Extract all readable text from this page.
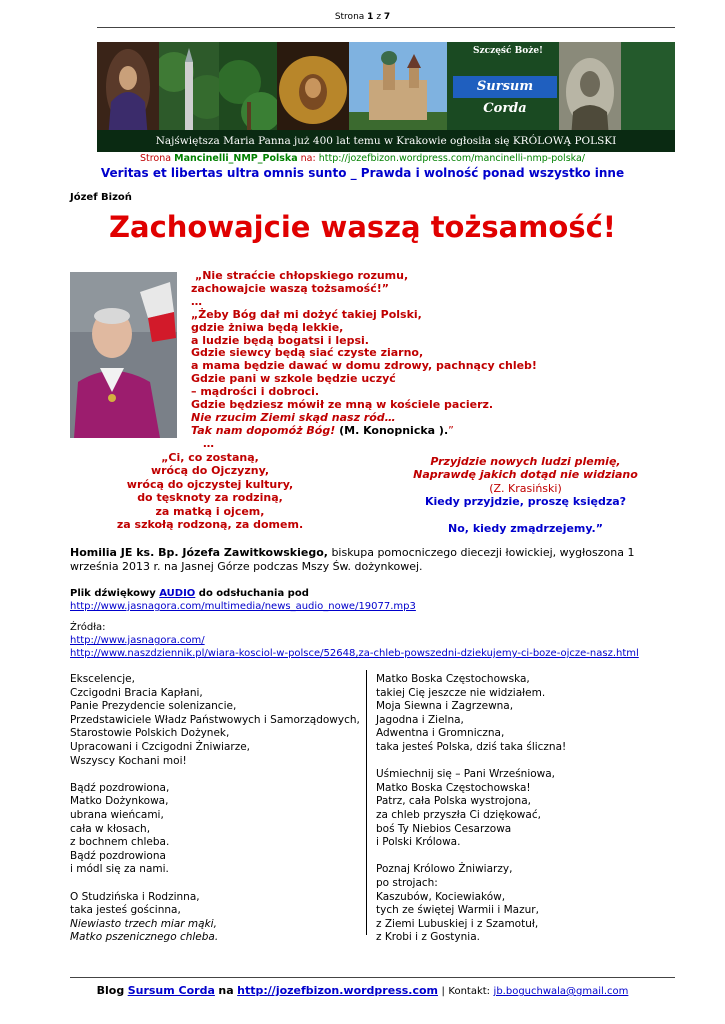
Strona 1 z 7
Szczęść Boże!
Sursum Corda
Najświętsza Maria Panna już 400 lat temu w Krakowie ogłosiła się KRÓLOWĄ POLSKI
Strona Mancinelli_NMP_Polska na: http://jozefbizon.wordpress.com/mancinelli-nmp-polska/
Veritas et libertas ultra omnis sunto _ Prawda i wolność ponad wszystko inne
Józef Bizoń
Zachowajcie waszą tożsamość!
„Nie straćcie chłopskiego rozumu,
zachowajcie waszą tożsamość!”
…
„Żeby Bóg dał mi dożyć takiej Polski,
gdzie żniwa będą lekkie,
a ludzie będą bogatsi i lepsi.
Gdzie siewcy będą siać czyste ziarno,
a mama będzie dawać w domu zdrowy, pachnący chleb!
Gdzie pani w szkole będzie uczyć
– mądrości i dobroci.
Gdzie będziesz mówił ze mną w kościele pacierz.
Nie rzucim Ziemi skąd nasz ród…
Tak nam dopomóż Bóg! (M. Konopnicka ).”
…
„Ci, co zostaną,
wrócą do Ojczyzny,
wrócą do ojczystej kultury,
do tęsknoty za rodziną,
za matką i ojcem,
za szkołą rodzoną, za domem.
Przyjdzie nowych ludzi plemię,
Naprawdę jakich dotąd nie widziano
(Z. Krasiński)
Kiedy przyjdzie, proszę księdza?
No, kiedy zmądrzejemy.”
Homilia JE ks. Bp. Józefa Zawitkowskiego, biskupa pomocniczego diecezji łowickiej, wygłoszona 1 września 2013 r. na Jasnej Górze podczas Mszy Św. dożynkowej.
Plik dźwiękowy AUDIO do odsłuchania pod
http://www.jasnagora.com/multimedia/news_audio_nowe/19077.mp3
Źródła:
http://www.jasnagora.com/
http://www.naszdziennik.pl/wiara-kosciol-w-polsce/52648,za-chleb-powszedni-dziekujemy-ci-boze-ojcze-nasz.html
Ekscelencje,
Czcigodni Bracia Kapłani,
Panie Prezydencie solenizancie,
Przedstawiciele Władz Państwowych i Samorządowych,
Starostowie Polskich Dożynek,
Upracowani i Czcigodni Żniwiarze,
Wszyscy Kochani moi!
Bądź pozdrowiona,
Matko Dożynkowa,
ubrana wieńcami,
cała w kłosach,
z bochnem chleba.
Bądź pozdrowiona
i módl się za nami.
O Studzińska i Rodzinna,
taka jesteś gościnna,
Niewiasto trzech miar mąki,
Matko pszenicznego chleba.
Matko Boska Częstochowska,
takiej Cię jeszcze nie widziałem.
Moja Siewna i Zagrzewna,
Jagodna i Zielna,
Adwentna i Gromniczna,
taka jesteś Polska, dziś taka śliczna!
Uśmiechnij się – Pani Wrześniowa,
Matko Boska Częstochowska!
Patrz, cała Polska wystrojona,
za chleb przyszła Ci dziękować,
boś Ty Niebios Cesarzowa
i Polski Królowa.
Poznaj Królowo Żniwiarzy,
po strojach:
Kaszubów, Kociewiaków,
tych ze świętej Warmii i Mazur,
z Ziemi Lubuskiej i z Szamotuł,
z Krobi i z Gostynia.
Blog Sursum Corda na http://jozefbizon.wordpress.com | Kontakt: jb.boguchwala@gmail.com
